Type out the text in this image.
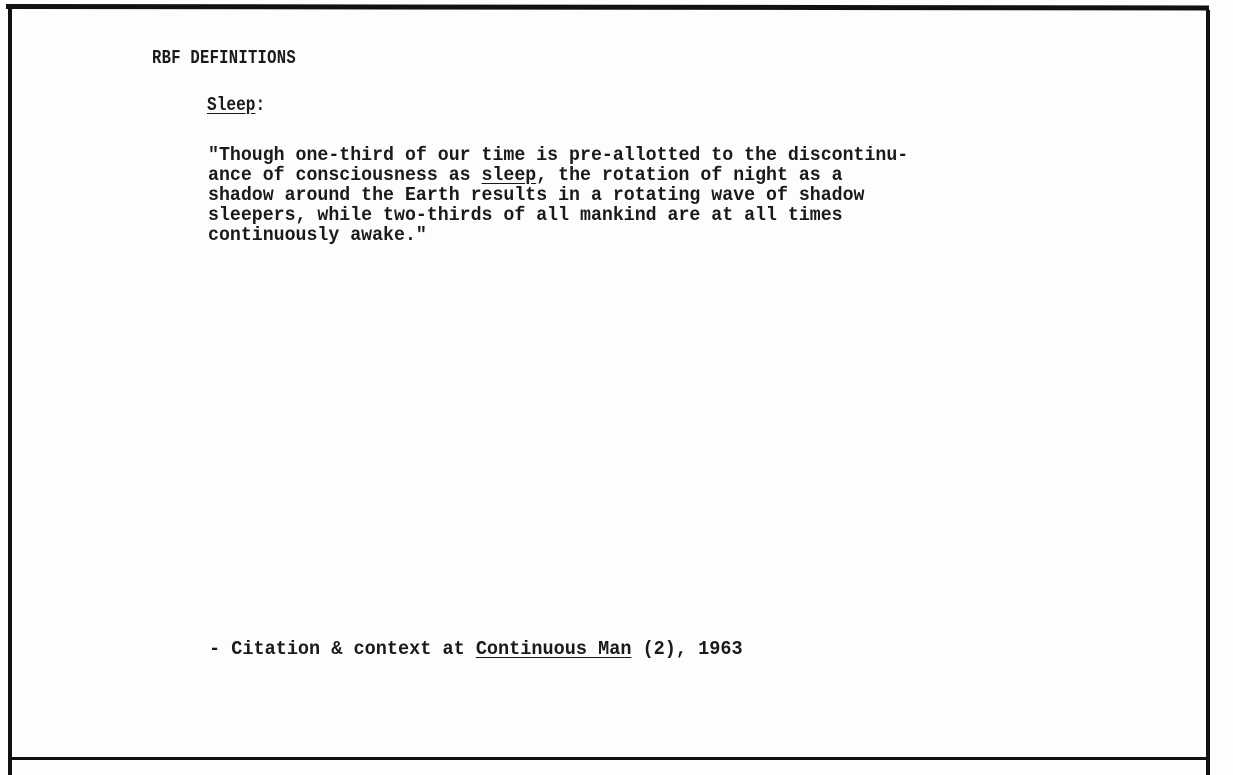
RBF DEFINITIONS
Sleep:
"Though one-third of our time is pre-allotted to the discontinu-
ance of consciousness as sleep, the rotation of night as a
shadow around the Earth results in a rotating wave of shadow
sleepers, while two-thirds of all mankind are at all times
continuously awake."
- Citation & context at Continuous Man (2), 1963
